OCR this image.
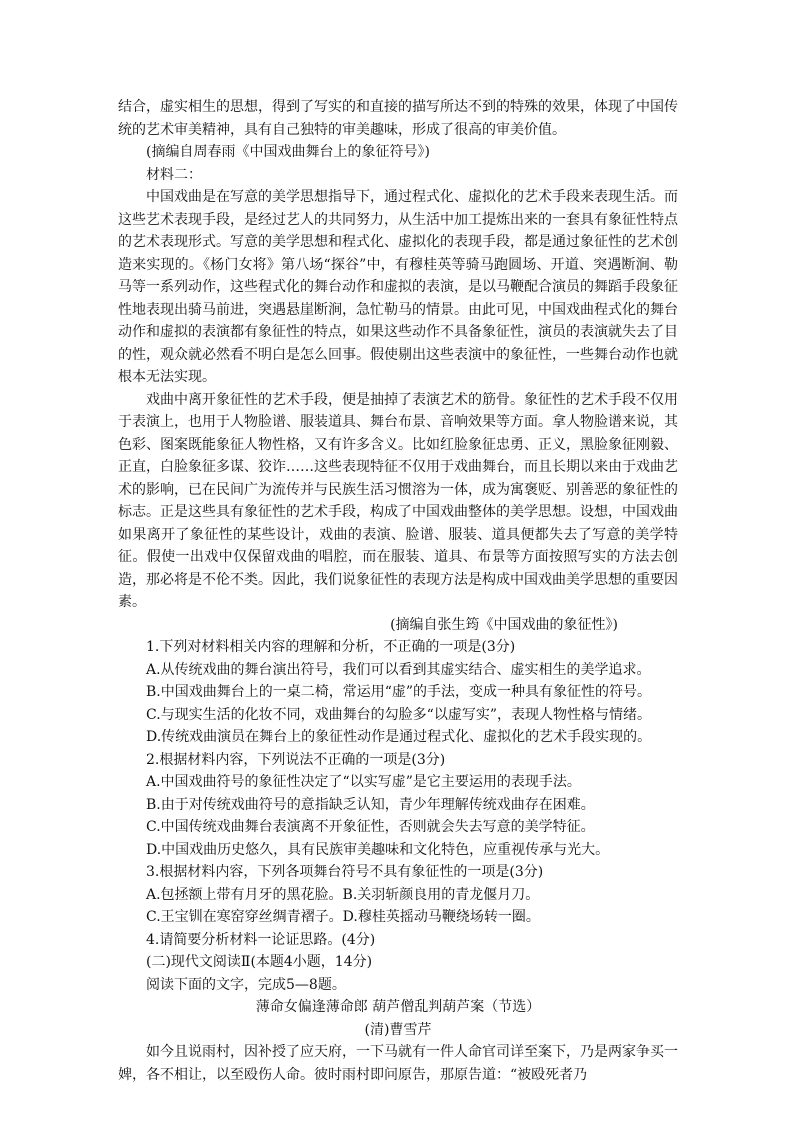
结合，虚实相生的思想，得到了写实的和直接的描写所达不到的特殊的效果，体现了中国传统的艺术审美精神，具有自己独特的审美趣味，形成了很高的审美价值。

(摘编自周春雨《中国戏曲舞台上的象征符号》)

材料二：

中国戏曲是在写意的美学思想指导下，通过程式化、虚拟化的艺术手段来表现生活。而这些艺术表现手段，是经过艺人的共同努力，从生活中加工提炼出来的一套具有象征性特点的艺术表现形式。写意的美学思想和程式化、虚拟化的表现手段，都是通过象征性的艺术创造来实现的。《杨门女将》第八场“探谷”中，有穆桂英等骑马跑圆场、开道、突遇断涧、勒马等一系列动作，这些程式化的舞台动作和虚拟的表演，是以马鞭配合演员的舞蹈手段象征性地表现出骑马前进，突遇悬崖断涧，急忙勒马的情景。由此可见，中国戏曲程式化的舞台动作和虚拟的表演都有象征性的特点，如果这些动作不具备象征性，演员的表演就失去了目的性，观众就必然看不明白是怎么回事。假使剔出这些表演中的象征性，一些舞台动作也就根本无法实现。

戏曲中离开象征性的艺术手段，便是抽掉了表演艺术的筋骨。象征性的艺术手段不仅用于表演上，也用于人物脸谱、服装道具、舞台布景、音响效果等方面。拿人物脸谱来说，其色彩、图案既能象征人物性格，又有许多含义。比如红脸象征忠勇、正义，黑脸象征刚毅、正直，白脸象征多谋、狡诈……这些表现特征不仅用于戏曲舞台，而且长期以来由于戏曲艺术的影响，已在民间广为流传并与民族生活习惯溶为一体，成为寓褒贬、别善恶的象征性的标志。正是这些具有象征性的艺术手段，构成了中国戏曲整体的美学思想。设想，中国戏曲如果离开了象征性的某些设计，戏曲的表演、脸谱、服装、道具便都失去了写意的美学特征。假使一出戏中仅保留戏曲的唱腔，而在服装、道具、布景等方面按照写实的方法去创造，那必将是不伦不类。因此，我们说象征性的表现方法是构成中国戏曲美学思想的重要因素。

(摘编自张生筠《中国戏曲的象征性》)

1.下列对材料相关内容的理解和分析，不正确的一项是(3分)

A.从传统戏曲的舞台演出符号，我们可以看到其虚实结合、虚实相生的美学追求。

B.中国戏曲舞台上的一桌二椅，常运用“虚”的手法，变成一种具有象征性的符号。

C.与现实生活的化妆不同，戏曲舞台的勾脸多“以虚写实”，表现人物性格与情绪。

D.传统戏曲演员在舞台上的象征性动作是通过程式化、虚拟化的艺术手段实现的。

2.根据材料内容，下列说法不正确的一项是(3分)

A.中国戏曲符号的象征性决定了“以实写虚”是它主要运用的表现手法。

B.由于对传统戏曲符号的意指缺乏认知，青少年理解传统戏曲存在困难。

C.中国传统戏曲舞台表演离不开象征性，否则就会失去写意的美学特征。

D.中国戏曲历史悠久，具有民族审美趣味和文化特色，应重视传承与光大。

3.根据材料内容，下列各项舞台符号不具有象征性的一项是(3分)

A.包拯额上带有月牙的黑花脸。B.关羽斩颜良用的青龙偃月刀。

C.王宝钏在寒窑穿丝绸青褶子。D.穆桂英摇动马鞭绕场转一圈。

4.请简要分析材料一论证思路。(4分)

(二)现代文阅读Ⅱ(本题4小题，14分)

阅读下面的文字，完成5—8题。

薄命女偏逢薄命郎 葫芦僧乱判葫芦案（节选）

(清)曹雪芹

如今且说雨村，因补授了应天府，一下马就有一件人命官司详至案下，乃是两家争买一婢，各不相让，以至殴伤人命。彼时雨村即问原告，那原告道：“被殴死者乃
